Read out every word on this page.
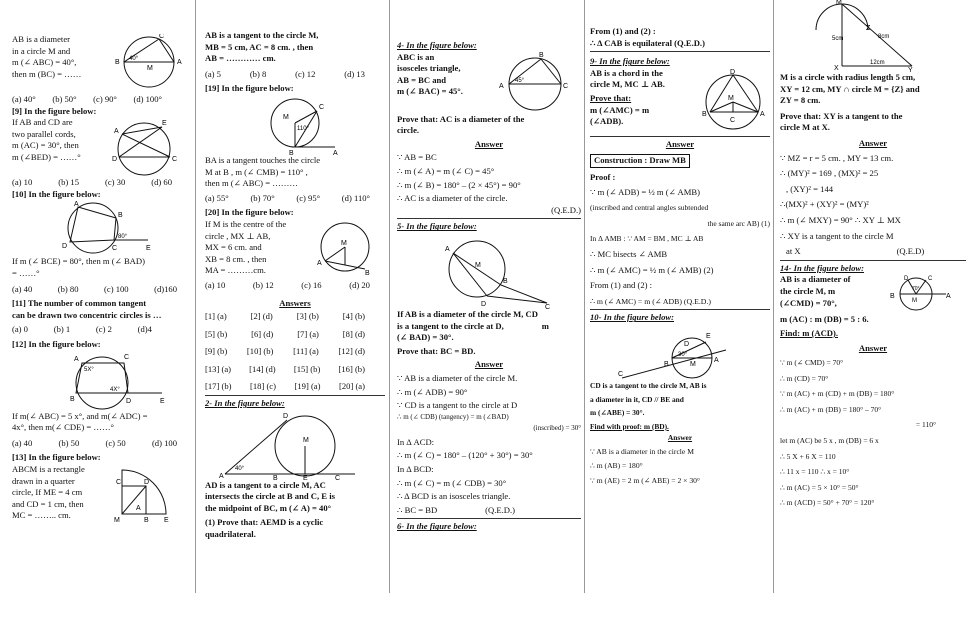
AB is a diameter

in a circle M and

m (∠ ABC) = 40°,

then m (BC) = ……

B	A
C
M
40°
(a) 40° (b) 50° (c) 90° (d) 100°

[9] In the figure below:

If AB and CD are

two parallel cords,

m (AC) = 30°, then

m (∠BED) = ……°

A
E
D	C
(a) 10	(b) 15	(c) 30	(d) 60

[10] In the figure below:

A
B
D	C	E
80°

If m (∠ BCE) = 80°, then m (∠ BAD)

= ……°

(a) 40	(b) 80	(c) 100	(d)160

[11] The number of common tangent

can be drawn two concentric circles is …

(a) 0	(b) 1	(c) 2	(d)4

[12] In the figure below:

A	C
B	D	E
5X°
4X°

If m(∠ ABC) = 5 x°, and m(∠ ADC) =

4x°, then m(∠ CDE) = ……°

(a) 40	(b) 50	(c) 50	(d) 100

[13] In the figure below:

ABCM is a rectangle

drawn in a quarter

circle, If ME = 4 cm

and CD = 1 cm, then

MC = …….. cm.

D
C
B
M
A
E

AB is a tangent to the circle M,

MB = 5 cm, AC = 8 cm. , then

AB = ………… cm.

(a) 5	(b) 8	(c) 12	(d) 13

[19] In the figure below:

M
C
B	A
110°

BA is a tangent touches the circle

M at B , m (∠ CMB) = 110° ,

then m (∠ ABC) = ………

(a) 55°	(b) 70°	(c) 95°	(d) 110°

[20] In the figure below:

If M is the centre of the

circle , MX ⊥ AB,

MX = 6 cm. and

XB = 8 cm. , then

MA = ………cm.

M
A
B
(a) 10	(b) 12	(c) 16	(d) 20

Answers

[1] (a)	[2] (d)	[3] (b)	[4] (b)
[5] (b)	[6] (d)	[7] (a)	[8] (d)
[9] (b) [10] (b) [11] (a) [12] (d)
[13] (a) [14] (d) [15] (b) [16] (b)
[17] (b) [18] (c) [19] (a) [20] (a)

2- In the figure below:

A
D
M
B	E	C
40°

AD is a tangent to a circle M, AC

intersects the circle at B and C, E is

the midpoint of BC, m (∠ A) = 40°

(1) Prove that: AEMD is a cyclic

quadrilateral.

4- In the figure below:

ABC is an

isosceles triangle,

AB = BC and

m (∠ BAC) = 45°.

A
B
C
45°

Prove that: AC is a diameter of the

circle.

Answer

∵ AB = BC

∴ m (∠ A) = m (∠ C) = 45°

∴ m (∠ B) = 180° – (2 × 45°) = 90°

∴ AC is a diameter of the circle.

(Q.E.D.)

5- In the figure below:

A
M
B
D	C

If AB is a diameter of the circle M, CD

is a tangent to the circle at D,	m

(∠ BAD) = 30°.

Prove that: BC = BD.

Answer

∵ AB is a diameter of the circle M.

∴ m (∠ ADB) = 90°

∵ CD is a tangent to the circle at D

∴ m (∠ CDB) (tangency) = m (∠BAD)

(inscribed) = 30°

In Δ ACD:

∴ m (∠ C) = 180° – (120° + 30°) = 30°

In Δ BCD:

∴ m (∠ C) = m (∠ CDB) = 30°

∴ Δ BCD is an isosceles triangle.

∴ BC = BD	(Q.E.D.)

6- In the figure below:

From (1) and (2) :

∴ Δ CAB is equilateral (Q.E.D.)

9- In the figure below:

AB is a chord in the

circle M, MC ⊥ AB.

Prove that:

m (∠AMC) = m

(∠ADB).

D
M
B
C
A

Answer

Construction : Draw MB

Proof :

∵ m (∠ ADB) = ½ m (∠ AMB)

(inscribed and central angles subtended

the same arc AB) (1)

In Δ AMB : ∵ AM = BM , MC ⊥ AB

∴ MC bisects ∠ AMB

∴ m (∠ AMC) = ½ m (∠ AMB) (2)

From (1) and (2) :

∴ m (∠ AMC) = m (∠ ADB) (Q.E.D.)

10- In the figure below:

C
B	M
A
D
E
30°

CD is a tangent to the circle M, AB is

a diameter in it, CD // BE and

m (∠ABE) = 30°.

Find with proof: m (BD).

Answer

∵ AB is a diameter in the circle M

∴ m (AB) = 180°

∵ m (AE) = 2 m (∠ ABE) = 2 × 30°

M
Z
X	Y
5cm	8cm
12cm

M is a circle with radius length 5 cm,

XY = 12 cm, MY ∩ circle M = {Z} and

ZY = 8 cm.

Prove that: XY is a tangent to the

circle M at X.

Answer

∵ MZ = r = 5 cm. , MY = 13 cm.

∴ (MY)² = 169 , (MX)² = 25

, (XY)² = 144

∴(MX)² + (XY)² = (MY)²

∴ m (∠ MXY) = 90° ∴ XY ⊥ MX

∴ XY is a tangent to the circle M

at X	(Q.E.D)

14- In the figure below:

AB is a diameter of

the circle M, m

(∠CMD) = 70°,

D	C
B	A
M
70°

m (AC) : m (DB) = 5 : 6.

Find: m (ACD).

Answer

∵ m (∠ CMD) = 70°

∴ m (CD) = 70°

∵ m (AC) + m (CD) + m (DB) = 180°

∴ m (AC) + m (DB) = 180° – 70°

= 110°

let m (AC) be 5 x , m (DB) = 6 x

∴ 5 X + 6 X = 110

∴ 11 x = 110 ∴ x = 10°

∴ m (AC) = 5 × 10° = 50°

∴ m (ACD) = 50° + 70° = 120°
